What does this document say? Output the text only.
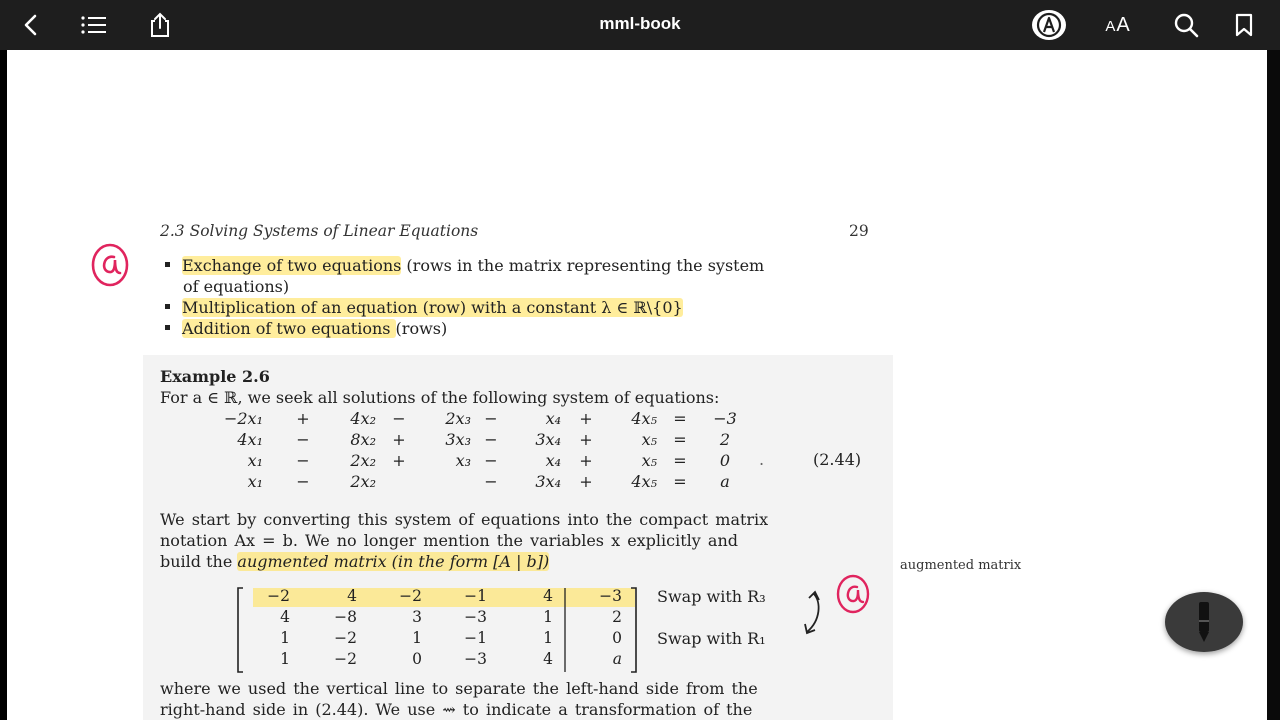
mml-book	AA
2.3 Solving Systems of Linear Equations	29
Exchange of two equations (rows in the matrix representing the system
of equations)
Multiplication of an equation (row) with a constant λ ∈ ℝ\{0}
Addition of two equations (rows)
Example 2.6
For a ∈ ℝ, we seek all solutions of the following system of equations:
−2x₁ +	4x₂ −	2x₃ −	x₄ +	4x₅ =	−3
4x₁ −	8x₂ +	3x₃ −	3x₄ +	x₅ =	2
x₁ −	2x₂ +	x₃ −	x₄ +	x₅ =	0
x₁ −	2x₂	−	3x₄ +	4x₅ =	a
(2.44)
.
We start by converting this system of equations into the compact matrix
notation Ax = b. We no longer mention the variables x explicitly and
build the augmented matrix (in the form [A | b])	augmented matrix
−2	4	−2	−1	4	−3
4	−8	3	−3	1	2
1	−2	1	−1	1	0
1	−2	0	−3	4	a
Swap with R₃
Swap with R₁
where we used the vertical line to separate the left-hand side from the
right-hand side in (2.44). We use ⇝ to indicate a transformation of the
